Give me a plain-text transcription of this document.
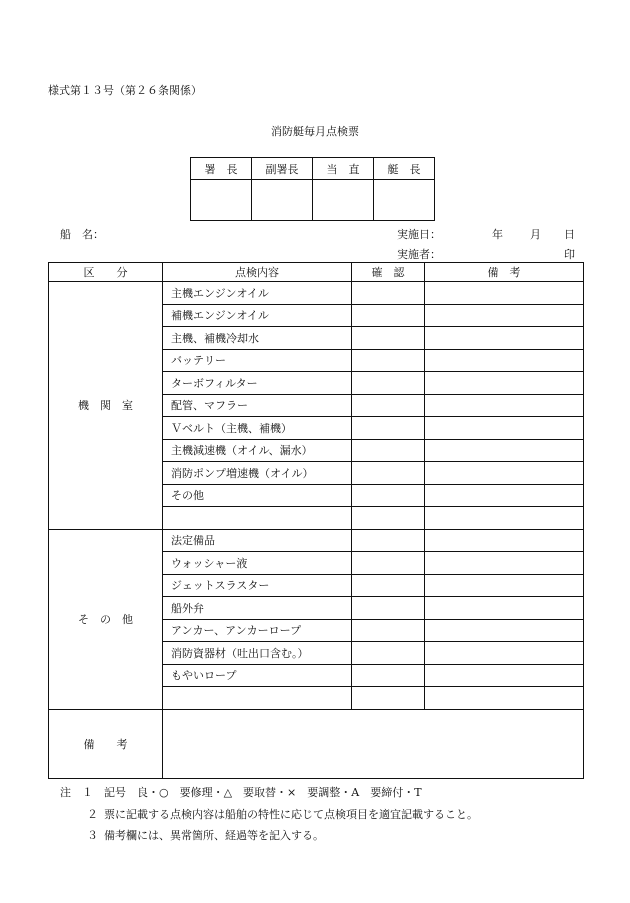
様式第１３号（第２６条関係）
消防艇毎月点検票
署　長	副署長	当　直	艇　長

船　名：	実施日：	年 月 日
実施者：	印
区　　分	点検内容	確　認	備　考
機　関　室	主機エンジンオイル		
	補機エンジンオイル		
	主機、補機冷却水		
	バッテリー		
	ターボフィルター		
	配管、マフラー		
	Ｖベルト（主機、補機）		
	主機減速機（オイル、漏水）		
	消防ポンプ増速機（オイル）		
	その他		

そ　の　他	法定備品		
	ウォッシャー液		
	ジェットスラスター		
	船外弁		
	アンカー、アンカーロープ		
	消防資器材（吐出口含む。）		
	もやいロープ		

備　　考			
注　１ 記号　良・○　要修理・△　要取替・×　要調整・A　要締付・T
２ 票に記載する点検内容は船舶の特性に応じて点検項目を適宜記載すること。
３ 備考欄には、異常箇所、経過等を記入する。
